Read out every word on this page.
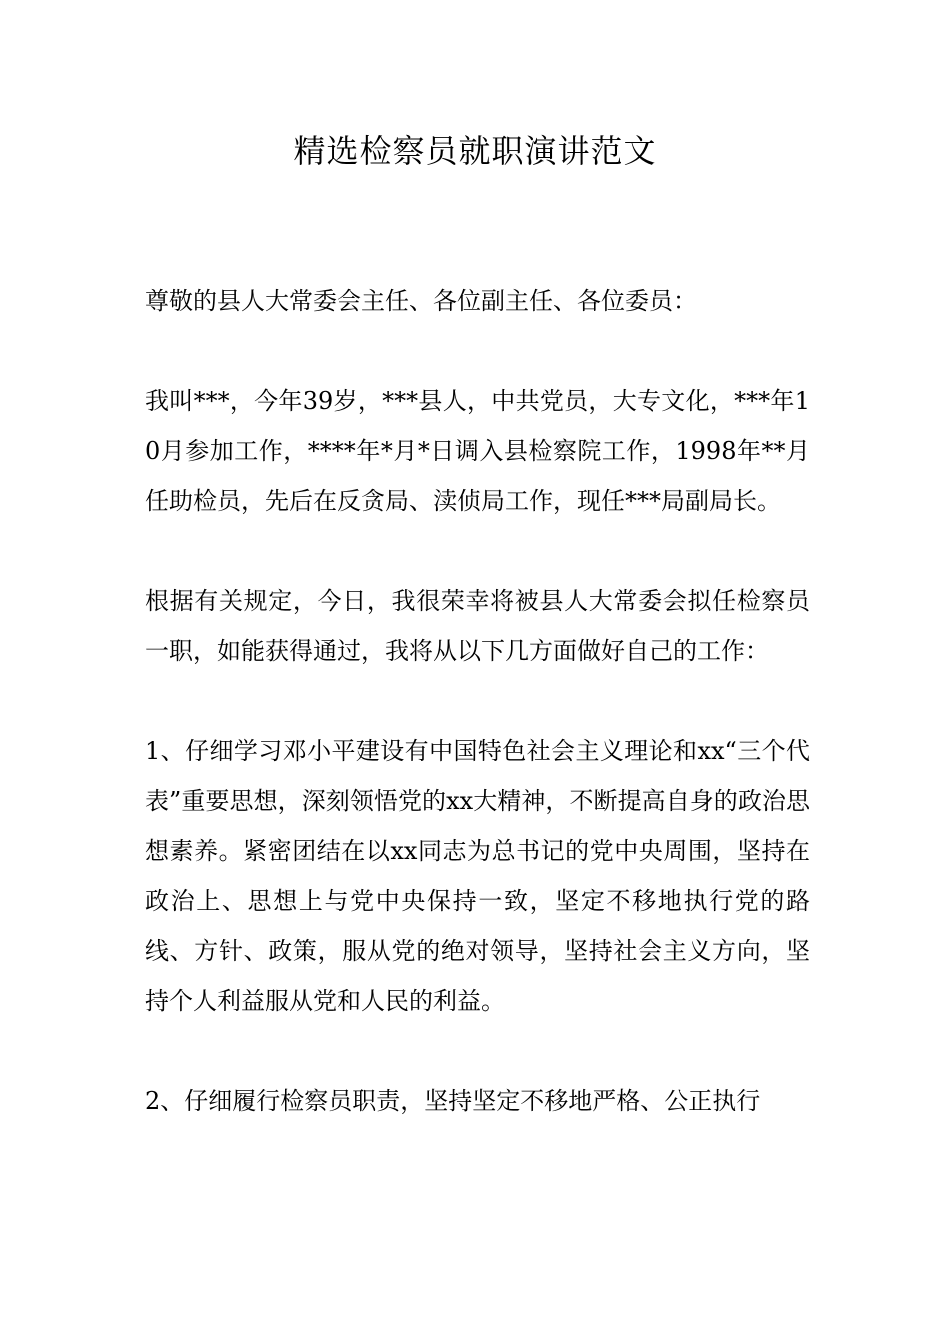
精选检察员就职演讲范文

尊敬的县人大常委会主任、各位副主任、各位委员：

我叫***，今年39岁，***县人，中共党员，大专文化，***年10月参加工作，****年*月*日调入县检察院工作，1998年**月任助检员，先后在反贪局、渎侦局工作，现任***局副局长。

根据有关规定，今日，我很荣幸将被县人大常委会拟任检察员一职，如能获得通过，我将从以下几方面做好自己的工作：

1、仔细学习邓小平建设有中国特色社会主义理论和xx“三个代表”重要思想，深刻领悟党的xx大精神，不断提高自身的政治思想素养。紧密团结在以xx同志为总书记的党中央周围，坚持在政治上、思想上与党中央保持一致，坚定不移地执行党的路线、方针、政策，服从党的绝对领导，坚持社会主义方向，坚持个人利益服从党和人民的利益。

2、仔细履行检察员职责，坚持坚定不移地严格、公正执行
